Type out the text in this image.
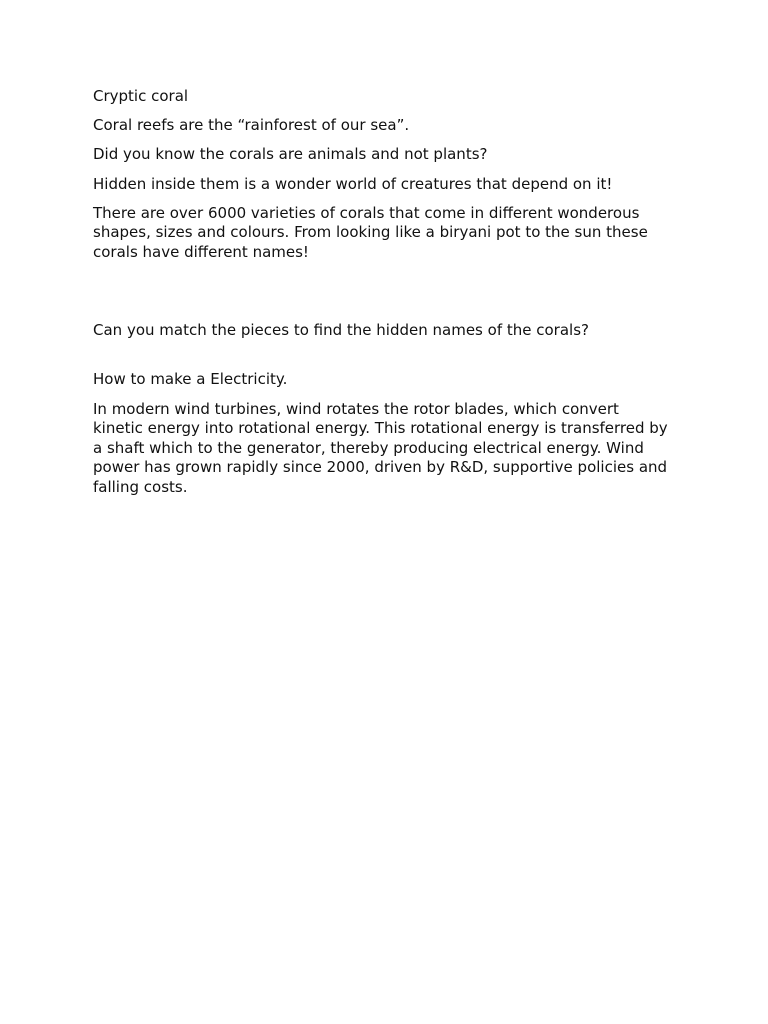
Cryptic coral

Coral reefs are the “rainforest of our sea”.

Did you know the corals are animals and not plants?

Hidden inside them is a wonder world of creatures that depend on it!

There are over 6000 varieties of corals that come in different wonderous shapes, sizes and colours. From looking like a biryani pot to the sun these corals have different names!

Can you match the pieces to find the hidden names of the corals?

How to make a Electricity.

In modern wind turbines, wind rotates the rotor blades, which convert kinetic energy into rotational energy. This rotational energy is transferred by a shaft which to the generator, thereby producing electrical energy. Wind power has grown rapidly since 2000, driven by R&D, supportive policies and falling costs.
